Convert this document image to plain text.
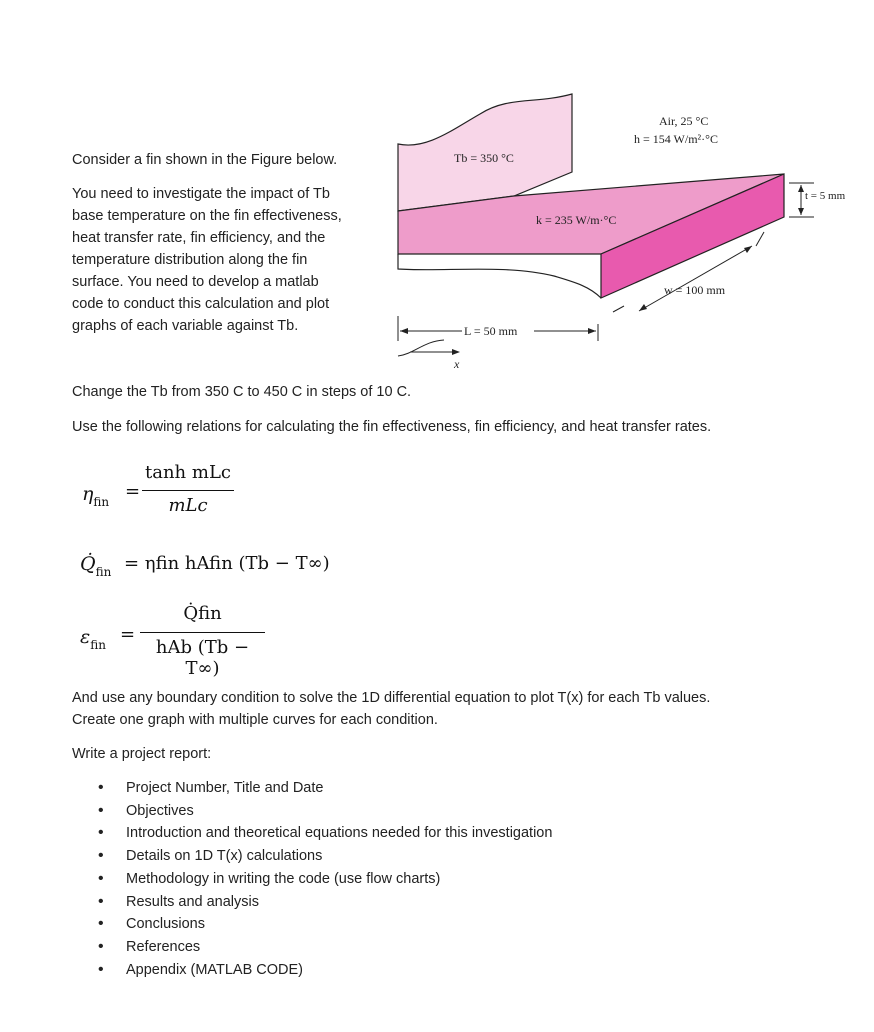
Consider a fin shown in the Figure below.
You need to investigate the impact of Tb
base temperature on the fin effectiveness,
heat transfer rate, fin efficiency, and the
temperature distribution along the fin
surface. You need to develop a matlab
code to conduct this calculation and plot
graphs of each variable against Tb.
Tb = 350 °C
Air, 25 °C
h = 154 W/m²·°C
k = 235 W/m·°C
t = 5 mm
w = 100 mm
L = 50 mm
x
Change the Tb from 350 C to 450 C in steps of 10 C.
Use the following relations for calculating the fin effectiveness, fin efficiency, and heat transfer rates.
$\eta_{fin}$ =
tanh mLc
mLc
$Q̇_{fin} = \eta fin$ hAfin (Tb − T∞)
$\varepsilon_{fin}$ =
Q̇fin
hAb (Tb − T∞)
And use any boundary condition to solve the 1D differential equation to plot T(x) for each Tb values.
Create one graph with multiple curves for each condition.
Write a project report:
• Project Number, Title and Date
• Objectives
• Introduction and theoretical equations needed for this investigation
• Details on 1D T(x) calculations
• Methodology in writing the code (use flow charts)
• Results and analysis
• Conclusions
• References
• Appendix (MATLAB CODE)
